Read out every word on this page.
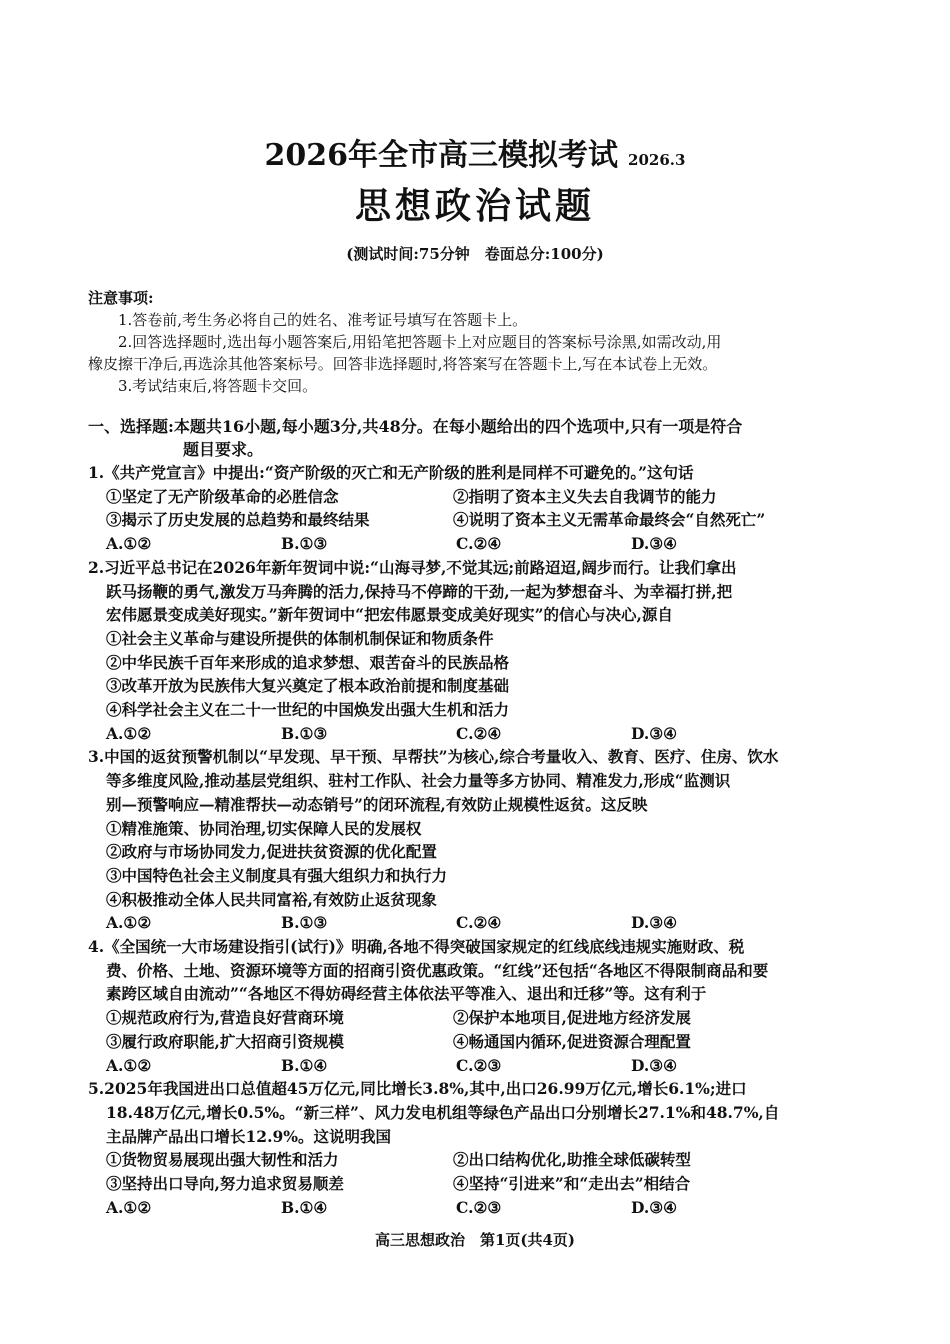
2026年全市高三模拟考试 2026.3
思想政治试题
(测试时间:75分钟　卷面总分:100分)
注意事项:
1.答卷前,考生务必将自己的姓名、准考证号填写在答题卡上。
2.回答选择题时,选出每小题答案后,用铅笔把答题卡上对应题目的答案标号涂黑,如需改动,用
橡皮擦干净后,再选涂其他答案标号。回答非选择题时,将答案写在答题卡上,写在本试卷上无效。
3.考试结束后,将答题卡交回。
一、选择题:本题共16小题,每小题3分,共48分。在每小题给出的四个选项中,只有一项是符合
题目要求。
1.《共产党宣言》中提出:“资产阶级的灭亡和无产阶级的胜利是同样不可避免的。”这句话
①坚定了无产阶级革命的必胜信念	②指明了资本主义失去自我调节的能力
③揭示了历史发展的总趋势和最终结果	④说明了资本主义无需革命最终会“自然死亡”
A.①②	B.①③	C.②④	D.③④
2.习近平总书记在2026年新年贺词中说:“山海寻梦,不觉其远;前路迢迢,阔步而行。让我们拿出
跃马扬鞭的勇气,激发万马奔腾的活力,保持马不停蹄的干劲,一起为梦想奋斗、为幸福打拼,把
宏伟愿景变成美好现实。”新年贺词中“把宏伟愿景变成美好现实”的信心与决心,源自
①社会主义革命与建设所提供的体制机制保证和物质条件
②中华民族千百年来形成的追求梦想、艰苦奋斗的民族品格
③改革开放为民族伟大复兴奠定了根本政治前提和制度基础
④科学社会主义在二十一世纪的中国焕发出强大生机和活力
A.①②	B.①③	C.②④	D.③④
3.中国的返贫预警机制以“早发现、早干预、早帮扶”为核心,综合考量收入、教育、医疗、住房、饮水
等多维度风险,推动基层党组织、驻村工作队、社会力量等多方协同、精准发力,形成“监测识
别—预警响应—精准帮扶—动态销号”的闭环流程,有效防止规模性返贫。这反映
①精准施策、协同治理,切实保障人民的发展权
②政府与市场协同发力,促进扶贫资源的优化配置
③中国特色社会主义制度具有强大组织力和执行力
④积极推动全体人民共同富裕,有效防止返贫现象
A.①②	B.①③	C.②④	D.③④
4.《全国统一大市场建设指引(试行)》明确,各地不得突破国家规定的红线底线违规实施财政、税
费、价格、土地、资源环境等方面的招商引资优惠政策。“红线”还包括“各地区不得限制商品和要
素跨区域自由流动”“各地区不得妨碍经营主体依法平等准入、退出和迁移”等。这有利于
①规范政府行为,营造良好营商环境	②保护本地项目,促进地方经济发展
③履行政府职能,扩大招商引资规模	④畅通国内循环,促进资源合理配置
A.①②	B.①④	C.②③	D.③④
5.2025年我国进出口总值超45万亿元,同比增长3.8%,其中,出口26.99万亿元,增长6.1%;进口
18.48万亿元,增长0.5%。“新三样”、风力发电机组等绿色产品出口分别增长27.1%和48.7%,自
主品牌产品出口增长12.9%。这说明我国
①货物贸易展现出强大韧性和活力	②出口结构优化,助推全球低碳转型
③坚持出口导向,努力追求贸易顺差	④坚持“引进来”和“走出去”相结合
A.①②	B.①④	C.②③	D.③④
高三思想政治　第1页(共4页)
